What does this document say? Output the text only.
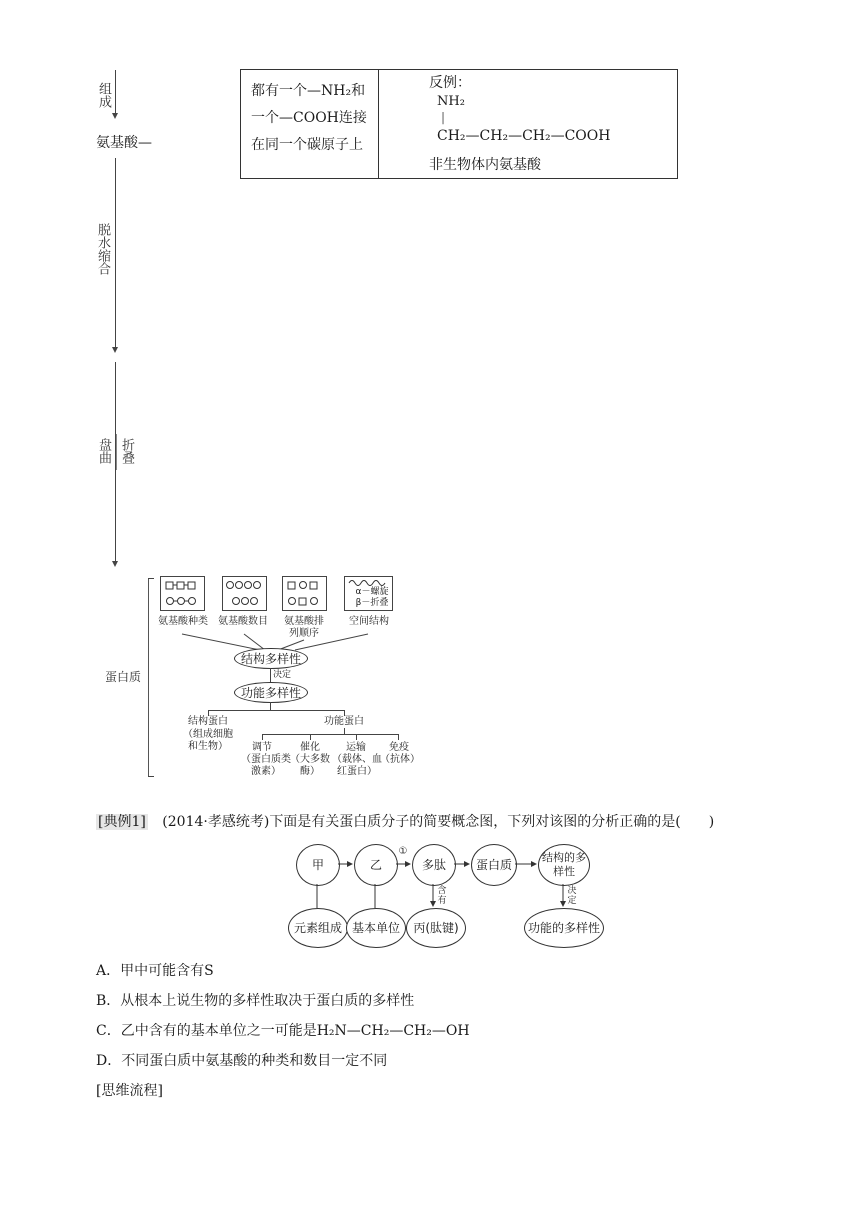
组成
氨基酸—
脱水缩合
盘曲 折叠
都有一个—NH₂和
一个—COOH连接
在同一个碳原子上
反例：
NH₂
|
CH₂—CH₂—CH₂—COOH
非生物体内氨基酸
蛋白质
α－螺旋
β－折叠
氨基酸种类	氨基酸数目	氨基酸排列顺序
空间结构
结构多样性
决定
功能多样性
结构蛋白
（组成细胞和生物）
功能蛋白
调节
（蛋白质类激素）
催化
（大多数酶）
运输
（载体、血红蛋白）
免疫
（抗体）
[典例1] (2014·孝感统考)下面是有关蛋白质分子的简要概念图，下列对该图的分析正确的是(　　)
甲	乙	多肽	蛋白质
结构的多样性
元素组成 基本单位	丙(肽键)	功能的多样性
①
含有
决定
A．甲中可能含有S
B．从根本上说生物的多样性取决于蛋白质的多样性
C．乙中含有的基本单位之一可能是H₂N—CH₂—CH₂—OH
D．不同蛋白质中氨基酸的种类和数目一定不同
[思维流程]
